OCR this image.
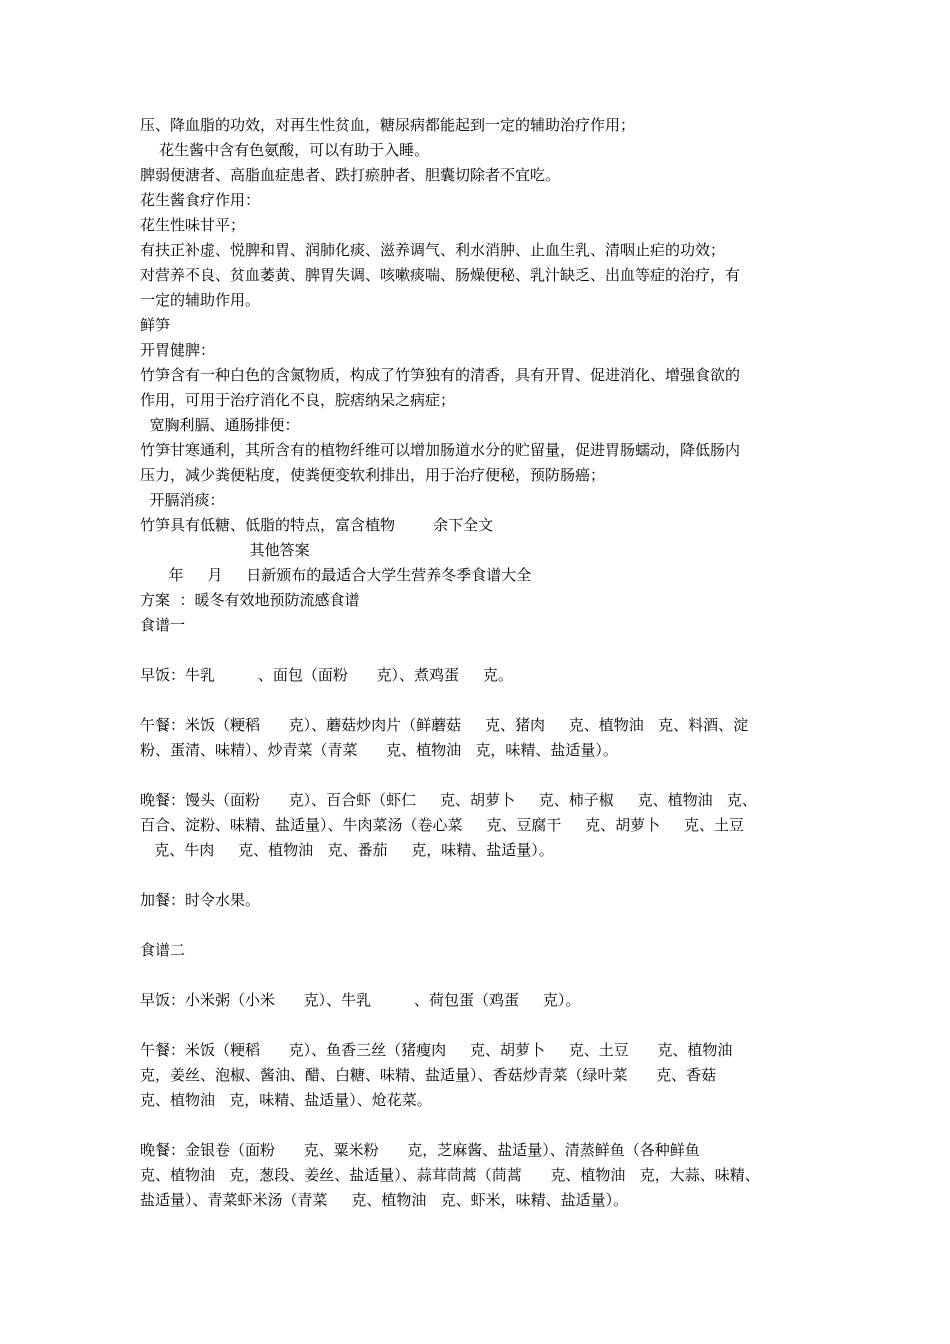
压、降血脂的功效，对再生性贫血，糖尿病都能起到一定的辅助治疗作用；

花生酱中含有色氨酸，可以有助于入睡。

脾弱便溏者、高脂血症患者、跌打瘀肿者、胆囊切除者不宜吃。

花生酱食疗作用：

花生性味甘平；

有扶正补虚、悦脾和胃、润肺化痰、滋养调气、利水消肿、止血生乳、清咽止疟的功效；

对营养不良、贫血萎黄、脾胃失调、咳嗽痰喘、肠燥便秘、乳汁缺乏、出血等症的治疗，有

一定的辅助作用。

鲜笋

开胃健脾：

竹笋含有一种白色的含氮物质，构成了竹笋独有的清香，具有开胃、促进消化、增强食欲的

作用，可用于治疗消化不良，脘痞纳呆之病症；

宽胸利膈、通肠排便：

竹笋甘寒通利，其所含有的植物纤维可以增加肠道水分的贮留量，促进胃肠蠕动，降低肠内

压力，减少粪便粘度，使粪便变软利排出，用于治疗便秘，预防肠癌；

开膈消痰：

竹笋具有低糖、低脂的特点，富含植物        余下全文

其他答案

年     月     日新颁布的最适合大学生营养冬季食谱大全

方案  ：暖冬有效地预防流感食谱

食谱一

早饭：牛乳         、面包（面粉      克）、煮鸡蛋     克。

午餐：米饭（粳稻      克）、蘑菇炒肉片（鲜蘑菇     克、猪肉     克、植物油   克、料酒、淀

粉、蛋清、味精）、炒青菜（青菜      克、植物油   克，味精、盐适量）。

晚餐：馒头（面粉      克）、百合虾（虾仁     克、胡萝卜     克、柿子椒     克、植物油   克、

百合、淀粉、味精、盐适量）、牛肉菜汤（卷心菜     克、豆腐干     克、胡萝卜     克、土豆

克、牛肉     克、植物油   克、番茄     克，味精、盐适量）。

加餐：时令水果。

食谱二

早饭：小米粥（小米      克）、牛乳         、荷包蛋（鸡蛋     克）。

午餐：米饭（粳稻      克）、鱼香三丝（猪瘦肉     克、胡萝卜     克、土豆      克、植物油

克，姜丝、泡椒、酱油、醋、白糖、味精、盐适量）、香菇炒青菜（绿叶菜      克、香菇

克、植物油   克，味精、盐适量）、炝花菜。

晚餐：金银卷（面粉      克、粟米粉      克，芝麻酱、盐适量）、清蒸鲜鱼（各种鲜鱼

克、植物油   克，葱段、姜丝、盐适量）、蒜茸茼蒿（茼蒿      克、植物油   克，大蒜、味精、

盐适量）、青菜虾米汤（青菜     克、植物油   克、虾米，味精、盐适量）。
